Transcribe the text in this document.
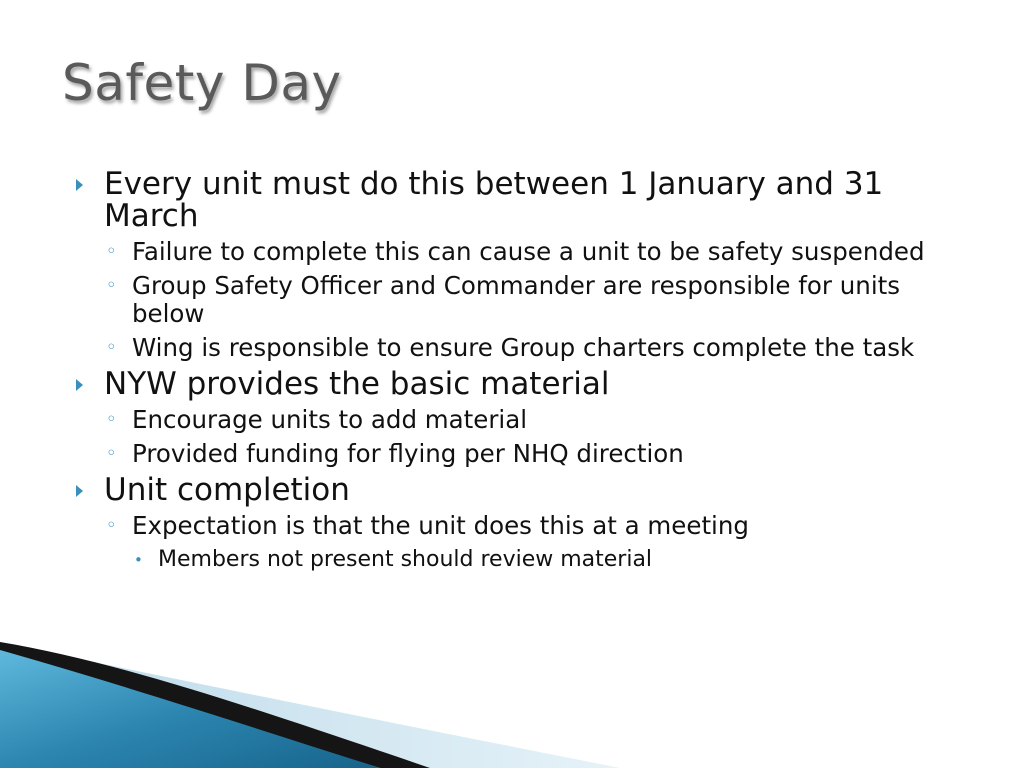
Safety Day
Every unit must do this between 1 January and 31 March
◦ Failure to complete this can cause a unit to be safety suspended
◦ Group Safety Officer and Commander are responsible for units below
◦ Wing is responsible to ensure Group charters complete the task
NYW provides the basic material
◦ Encourage units to add material
◦ Provided funding for flying per NHQ direction
Unit completion
◦ Expectation is that the unit does this at a meeting
• Members not present should review material
